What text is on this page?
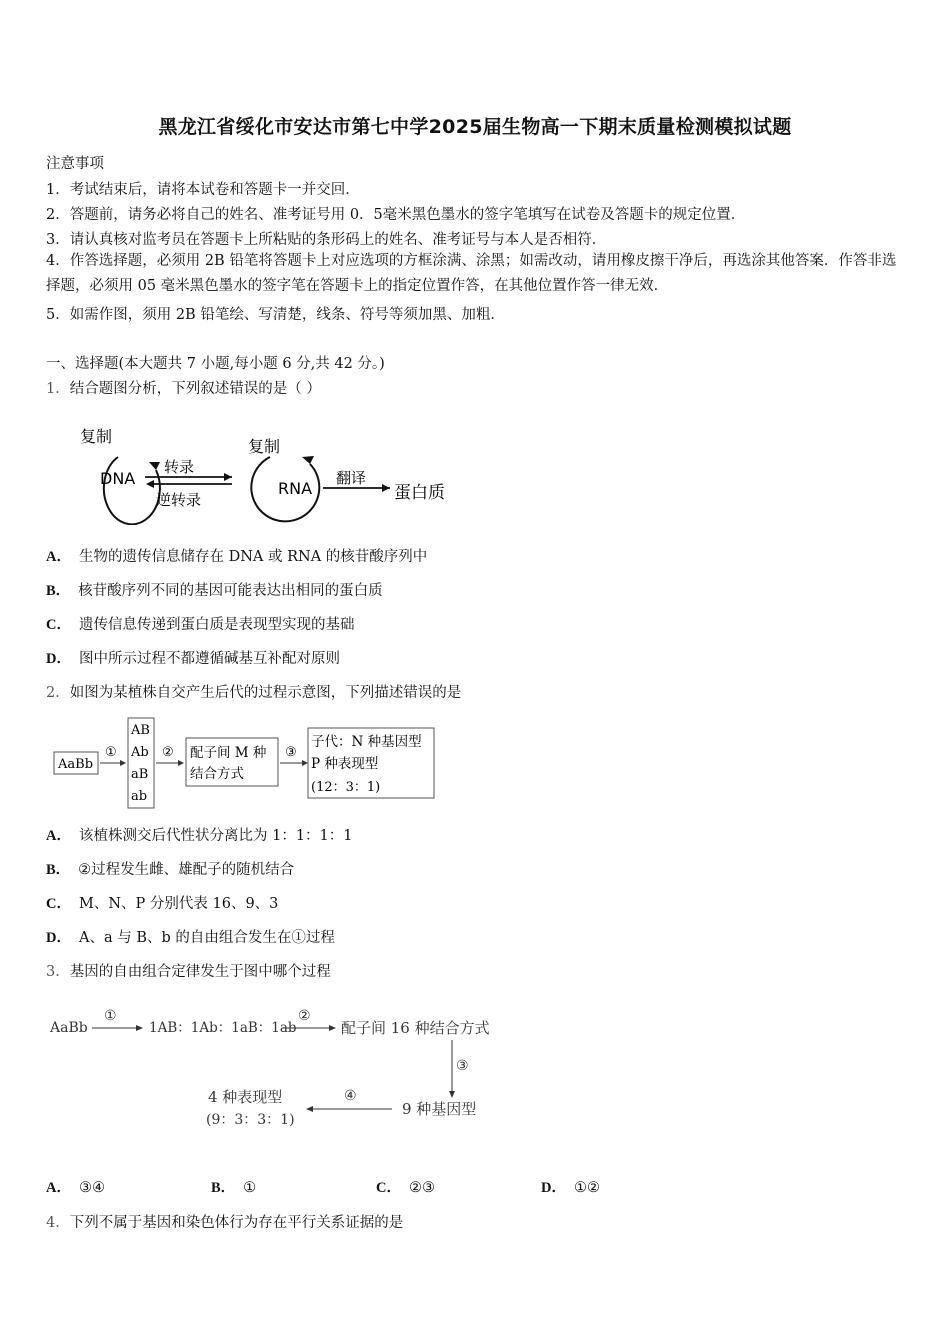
黑龙江省绥化市安达市第七中学2025届生物高一下期末质量检测模拟试题
注意事项
1．考试结束后，请将本试卷和答题卡一并交回．
2．答题前，请务必将自己的姓名、准考证号用 0．5毫米黑色墨水的签字笔填写在试卷及答题卡的规定位置．
3．请认真核对监考员在答题卡上所粘贴的条形码上的姓名、准考证号与本人是否相符．
4．作答选择题，必须用 2B 铅笔将答题卡上对应选项的方框涂满、涂黑；如需改动，请用橡皮擦干净后，再选涂其他答案．作答非选择题，必须用 05 毫米黑色墨水的签字笔在答题卡上的指定位置作答，在其他位置作答一律无效．
5．如需作图，须用 2B 铅笔绘、写清楚，线条、符号等须加黑、加粗．
一、选择题(本大题共 7 小题,每小题 6 分,共 42 分。)
1．结合题图分析，下列叙述错误的是（ ）
复制
DNA
转录
逆转录
复制
RNA
翻译
蛋白质
A． 生物的遗传信息储存在 DNA 或 RNA 的核苷酸序列中
B． 核苷酸序列不同的基因可能表达出相同的蛋白质
C． 遗传信息传递到蛋白质是表现型实现的基础
D． 图中所示过程不都遵循碱基互补配对原则
2．如图为某植株自交产生后代的过程示意图，下列描述错误的是
AaBb
①
AB
Ab
aB
ab
② 配子间 M 种
结合方式
③
子代：N 种基因型
P 种表现型
(12：3：1)
A． 该植株测交后代性状分离比为 1：1：1：1
B． ②过程发生雌、雄配子的随机结合
C． M、N、P 分别代表 16、9、3
D． A、a 与 B、b 的自由组合发生在①过程
3．基因的自由组合定律发生于图中哪个过程
AaBb
①
1AB：1Ab：1aB：1ab
②
配子间 16 种结合方式
③
9 种基因型
④
4 种表现型
(9：3：3：1)
A． ③④	B． ①	C． ②③	D． ①②
4．下列不属于基因和染色体行为存在平行关系证据的是
